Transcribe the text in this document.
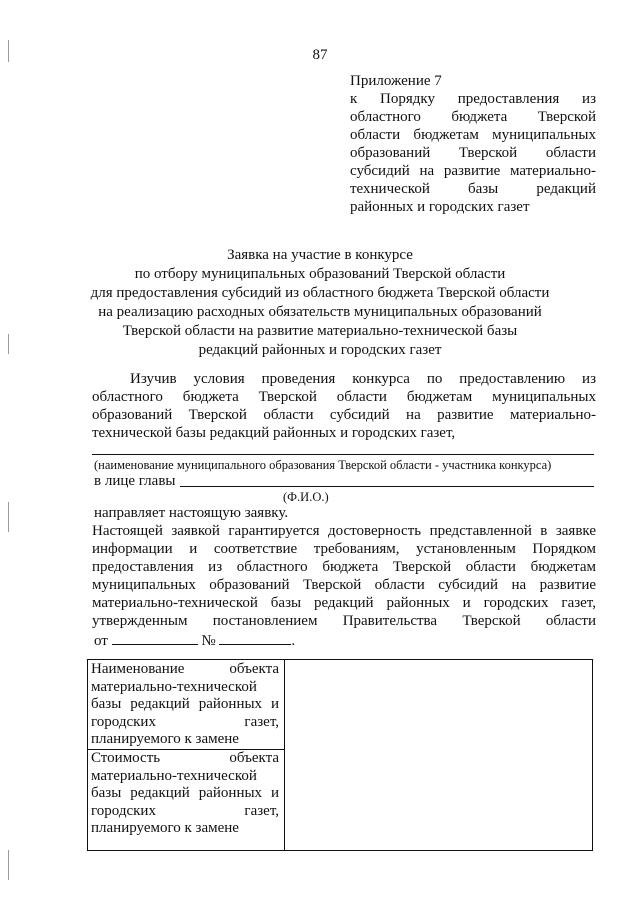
87
Приложение 7
к Порядку предоставления из
областного бюджета Тверской
области бюджетам муниципальных
образований Тверской области
субсидий на развитие материально-
технической базы редакций
районных и городских газет
Заявка на участие в конкурсе
по отбору муниципальных образований Тверской области
для предоставления субсидий из областного бюджета Тверской области
на реализацию расходных обязательств муниципальных образований
Тверской области на развитие материально-технической базы
редакций районных и городских газет
Изучив условия проведения конкурса по предоставлению из
областного бюджета Тверской области бюджетам муниципальных
образований Тверской области субсидий на развитие материально-
технической базы редакций районных и городских газет,
(наименование муниципального образования Тверской области - участника конкурса)
в лице главы
(Ф.И.О.)
направляет настоящую заявку.
Настоящей заявкой гарантируется достоверность представленной в заявке
информации и соответствие требованиям, установленным Порядком
предоставления из областного бюджета Тверской области бюджетам
муниципальных образований Тверской области субсидий на развитие
материально-технической базы редакций районных и городских газет,
утвержденным постановлением Правительства Тверской области
от	№	.
Наименование объекта
материально-технической
базы редакций районных и
городских газет,
планируемого к замене
Стоимость объекта
материально-технической
базы редакций районных и
городских газет,
планируемого к замене
